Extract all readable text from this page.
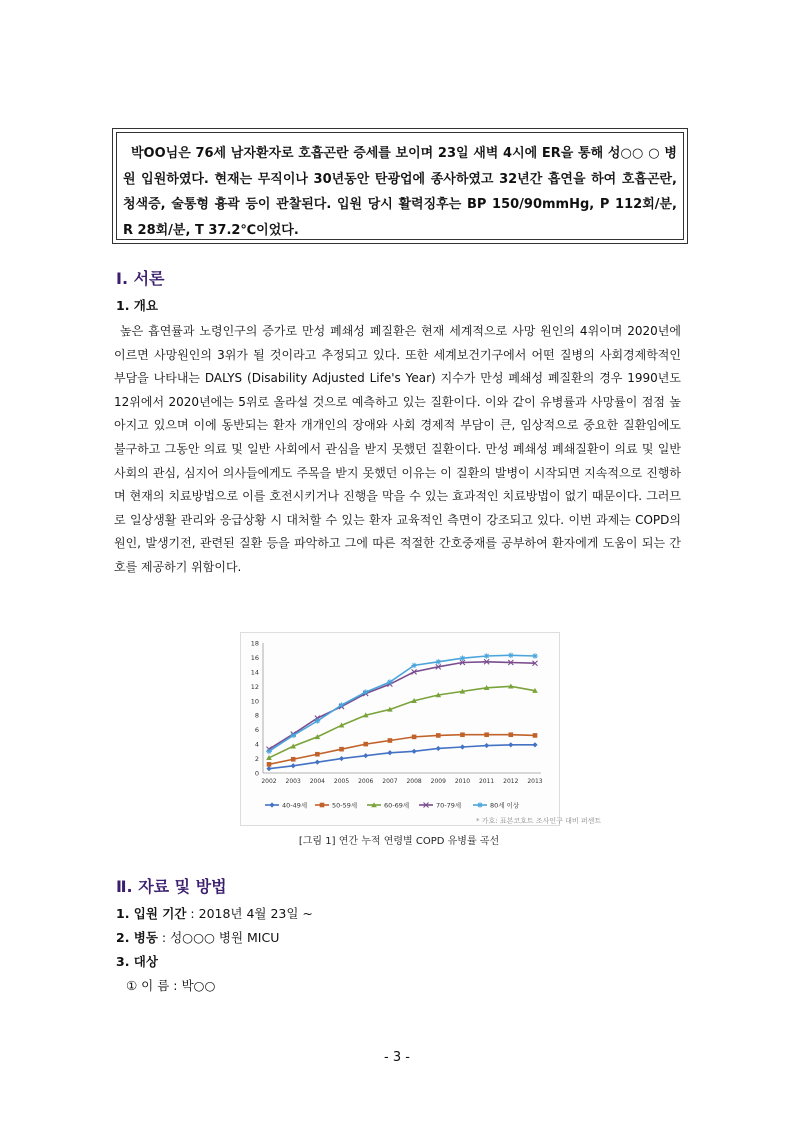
박OO님은 76세 남자환자로 호흡곤란 증세를 보이며 23일 새벽 4시에 ER을 통해 성○○ ○ 병원 입원하였다. 현재는 무직이나 30년동안 탄광업에 종사하였고 32년간 흡연을 하여 호흡곤란, 청색증, 술통형 흉곽 등이 관찰된다. 입원 당시 활력징후는 BP 150/90mmHg, P 112회/분, R 28회/분, T 37.2℃이었다.

Ⅰ. 서론
1. 개요

높은 흡연률과 노령인구의 증가로 만성 폐쇄성 폐질환은 현재 세계적으로 사망 원인의 4위이며 2020년에 이르면 사망원인의 3위가 될 것이라고 추정되고 있다. 또한 세계보건기구에서 어떤 질병의 사회경제학적인 부담을 나타내는 DALYS (Disability Adjusted Life's Year) 지수가 만성 폐쇄성 폐질환의 경우 1990년도 12위에서 2020년에는 5위로 올라설 것으로 예측하고 있는 질환이다. 이와 같이 유병률과 사망률이 점점 높아지고 있으며 이에 동반되는 환자 개개인의 장애와 사회 경제적 부담이 큰, 임상적으로 중요한 질환임에도 불구하고 그동안 의료 및 일반 사회에서 관심을 받지 못했던 질환이다. 만성 폐쇄성 폐쇄질환이 의료 및 일반 사회의 관심, 심지어 의사들에게도 주목을 받지 못했던 이유는 이 질환의 발병이 시작되면 지속적으로 진행하며 현재의 치료방법으로 이를 호전시키거나 진행을 막을 수 있는 효과적인 치료방법이 없기 때문이다. 그러므로 일상생활 관리와 응급상황 시 대처할 수 있는 환자 교육적인 측면이 강조되고 있다. 이번 과제는 COPD의 원인, 발생기전, 관련된 질환 등을 파악하고 그에 따른 적절한 간호중재를 공부하여 환자에게 도움이 되는 간호를 제공하기 위함이다.

0
2
4
6
8
10
12
14
16
18
2002 2003 2004 2005 2006 2007 2008 2009 2010 2011 2012 2013
40-49세	50-59세	60-69세	70-79세	80세 이상
* 가호: 표본코호트 조사인구 대비 퍼센트
[그림 1] 연간 누적 연령별 COPD 유병률 곡선
Ⅱ. 자료 및 방법
1. 입원 기간 : 2018년 4월 23일 ~
2. 병동 : 성○○○ 병원 MICU
3. 대상
① 이 름 : 박○○
- 3 -
